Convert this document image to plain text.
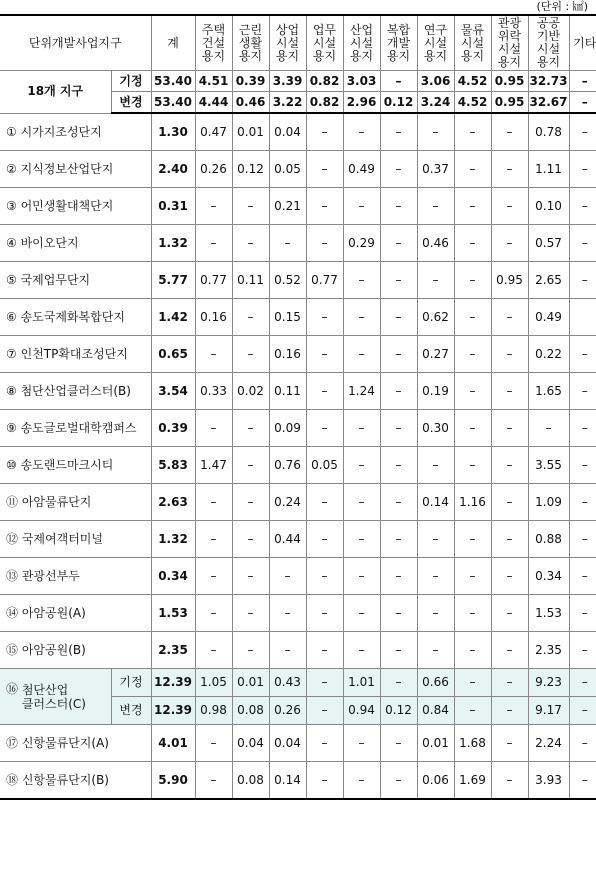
(단위 : ㎢)
단위개발사업지구		계	주택
건설
용지	근린
생활
용지	상업
시설
용지	업무
시설
용지	산업
시설
용지	복합
개발
용지	연구
시설
용지	물류
시설
용지	관광
위락
시설
용지	공공
기반
시설
용지	기타
18개 지구	기정	53.40	4.51	0.39	3.39	0.82	3.03	–	3.06	4.52	0.95	32.73	–
	변경	53.40	4.44	0.46	3.22	0.82	2.96	0.12	3.24	4.52	0.95	32.67	–
① 시가지조성단지		1.30	0.47	0.01	0.04	–	–	–	–	–	–	0.78	–
② 지식정보산업단지		2.40	0.26	0.12	0.05	–	0.49	–	0.37	–	–	1.11	–
③ 어민생활대책단지		0.31	–	–	0.21	–	–	–	–	–	–	0.10	–
④ 바이오단지		1.32	–	–	–	–	0.29	–	0.46	–	–	0.57	–
⑤ 국제업무단지		5.77	0.77	0.11	0.52	0.77	–	–	–	–	0.95	2.65	–
⑥ 송도국제화복합단지		1.42	0.16	–	0.15	–	–	–	0.62	–	–	0.49	
⑦ 인천TP확대조성단지		0.65	–	–	0.16	–	–	–	0.27	–	–	0.22	–
⑧ 첨단산업클러스터(B)		3.54	0.33	0.02	0.11	–	1.24	–	0.19	–	–	1.65	–
⑨ 송도글로벌대학캠퍼스		0.39	–	–	0.09	–	–	–	0.30	–	–	–	–
⑩ 송도랜드마크시티		5.83	1.47	–	0.76	0.05	–	–	–	–	–	3.55	–
⑪ 아암물류단지		2.63	–	–	0.24	–	–	–	0.14	1.16	–	1.09	–
⑫ 국제여객터미널		1.32	–	–	0.44	–	–	–	–	–	–	0.88	–
⑬ 관광선부두		0.34	–	–	–	–	–	–	–	–	–	0.34	–
⑭ 아암공원(A)		1.53	–	–	–	–	–	–	–	–	–	1.53	–
⑮ 아암공원(B)		2.35	–	–	–	–	–	–	–	–	–	2.35	–
⑯ 첨단산업
클러스터(C)	기정	12.39	1.05	0.01	0.43	–	1.01	–	0.66	–	–	9.23	–
	변경	12.39	0.98	0.08	0.26	–	0.94	0.12	0.84	–	–	9.17	–
⑰ 신항물류단지(A)		4.01	–	0.04	0.04	–	–	–	0.01	1.68	–	2.24	–
⑱ 신항물류단지(B)		5.90	–	0.08	0.14	–	–	–	0.06	1.69	–	3.93	–
